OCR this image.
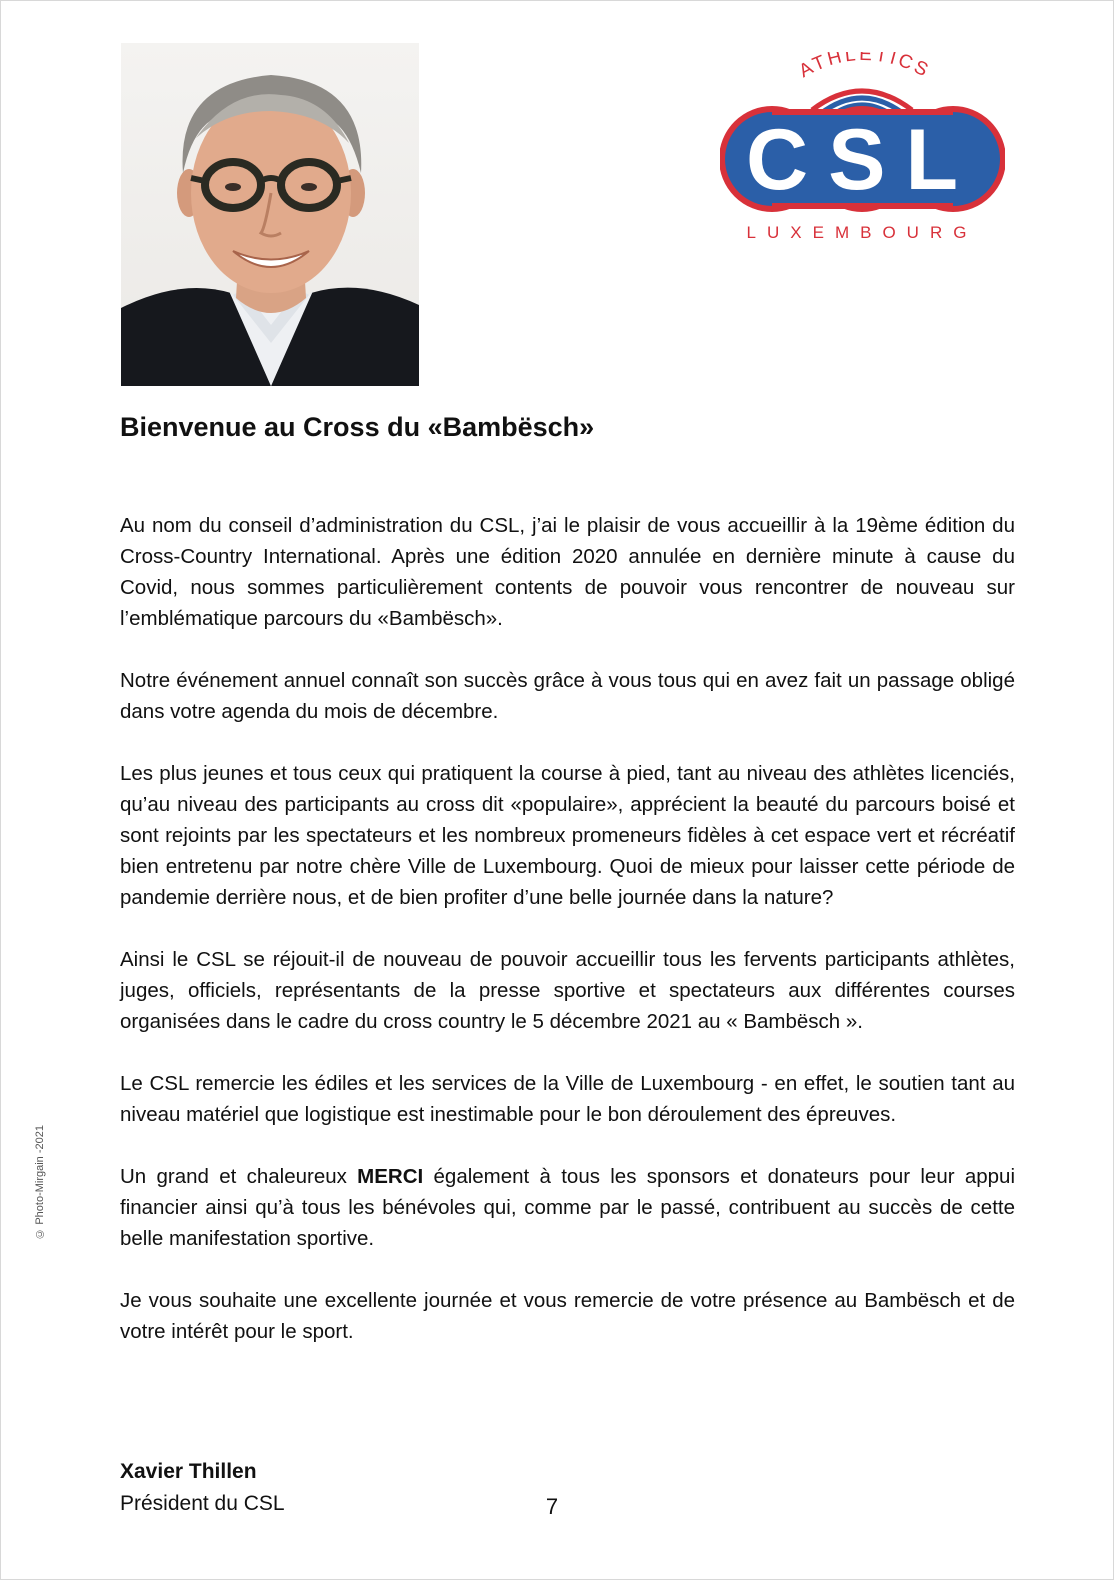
ATHLETICS
CSL
LUXEMBOURG
Bienvenue au Cross du «Bambësch»

Au nom du conseil d’administration du CSL, j’ai le plaisir de vous accueillir à la 19ème édition du Cross-Country International. Après une édition 2020 annulée en dernière minute à cause du Covid, nous sommes particulièrement contents de pouvoir vous rencontrer de nouveau sur l’emblématique parcours du «Bambësch».

Notre événement annuel connaît son succès grâce à vous tous qui en avez fait un passage obligé dans votre agenda du mois de décembre.

Les plus jeunes et tous ceux qui pratiquent la course à pied, tant au niveau des athlètes licenciés, qu’au niveau des participants au cross dit «populaire», apprécient la beauté du parcours boisé et sont rejoints par les spectateurs et les nombreux promeneurs fidèles à cet espace vert et récréatif bien entretenu par notre chère Ville de Luxembourg. Quoi de mieux pour laisser cette période de pandemie derrière nous, et de bien profiter d’une belle journée dans la nature?

Ainsi le CSL se réjouit-il de nouveau de pouvoir accueillir tous les fervents participants athlètes, juges, officiels, représentants de la presse sportive et spectateurs aux différentes courses organisées dans le cadre du cross country le 5 décembre 2021 au « Bambësch ».

Le CSL remercie les édiles et les services de la Ville de Luxembourg - en effet, le soutien tant au niveau matériel que logistique est inestimable pour le bon déroulement des épreuves.

Un grand et chaleureux MERCI également à tous les sponsors et donateurs pour leur appui financier ainsi qu’à tous les bénévoles qui, comme par le passé, contribuent au succès de cette belle manifestation sportive.

Je vous souhaite une excellente journée et vous remercie de votre présence au Bambësch et de votre intérêt pour le sport.

Xavier Thillen
Président du CSL	7
© Photo-Mirgain -2021
